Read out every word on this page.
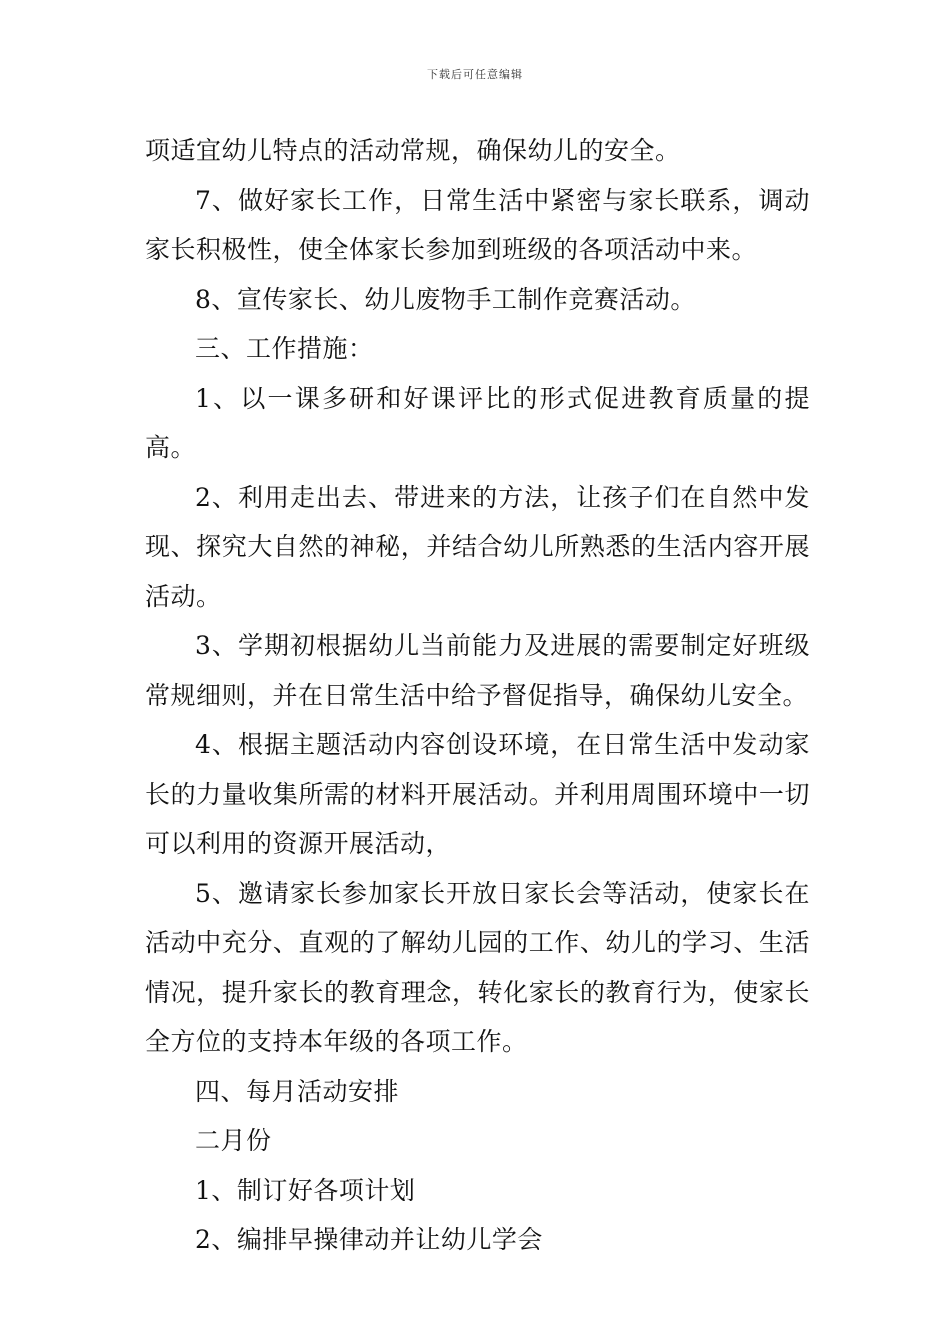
下载后可任意编辑

项适宜幼儿特点的活动常规，确保幼儿的安全。

7、做好家长工作，日常生活中紧密与家长联系，调动家长积极性，使全体家长参加到班级的各项活动中来。

8、宣传家长、幼儿废物手工制作竞赛活动。

三、工作措施：

1、以一课多研和好课评比的形式促进教育质量的提高。

2、利用走出去、带进来的方法，让孩子们在自然中发现、探究大自然的神秘，并结合幼儿所熟悉的生活内容开展活动。

3、学期初根据幼儿当前能力及进展的需要制定好班级常规细则，并在日常生活中给予督促指导，确保幼儿安全。

4、根据主题活动内容创设环境，在日常生活中发动家长的力量收集所需的材料开展活动。并利用周围环境中一切可以利用的资源开展活动，

5、邀请家长参加家长开放日家长会等活动，使家长在活动中充分、直观的了解幼儿园的工作、幼儿的学习、生活情况，提升家长的教育理念，转化家长的教育行为，使家长全方位的支持本年级的各项工作。

四、每月活动安排

二月份

1、制订好各项计划

2、编排早操律动并让幼儿学会
